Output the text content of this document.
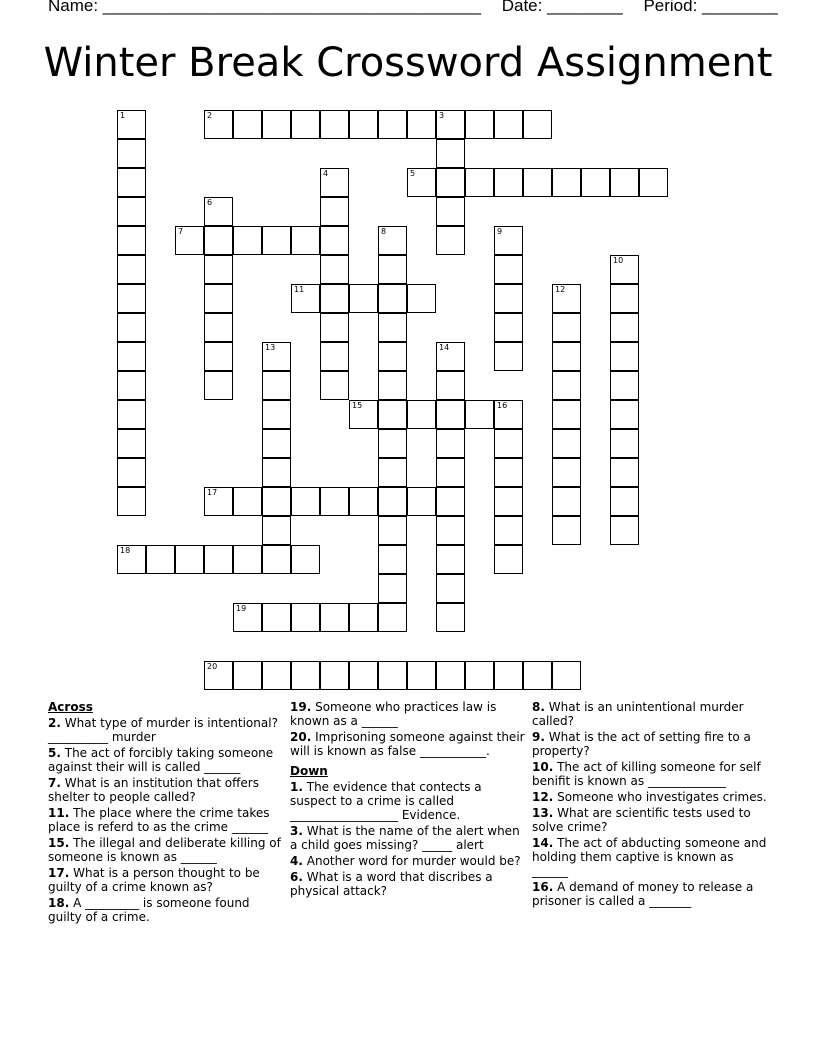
Name: ________________________________________ Date: ________ Period: ________
Winter Break Crossword Assignment
1	2	3
4	5
6
7	8	9
10
11	12
13	14
15	16
17
18
19
20
Across
2. What type of murder is intentional? __________ murder
5. The act of forcibly taking someone against their will is called ______
7. What is an institution that offers shelter to people called?
11. The place where the crime takes place is referd to as the crime ______
15. The illegal and deliberate killing of someone is known as ______
17. What is a person thought to be guilty of a crime known as?
18. A _________ is someone found guilty of a crime.
19. Someone who practices law is known as a ______
20. Imprisoning someone against their will is known as false ___________.
Down
1. The evidence that contects a suspect to a crime is called __________________ Evidence.
3. What is the name of the alert when a child goes missing? _____ alert
4. Another word for murder would be?
6. What is a word that discribes a physical attack?
8. What is an unintentional murder called?
9. What is the act of setting fire to a property?
10. The act of killing someone for self benifit is known as _____________
12. Someone who investigates crimes.
13. What are scientific tests used to solve crime?
14. The act of abducting someone and holding them captive is known as ______
16. A demand of money to release a prisoner is called a _______
